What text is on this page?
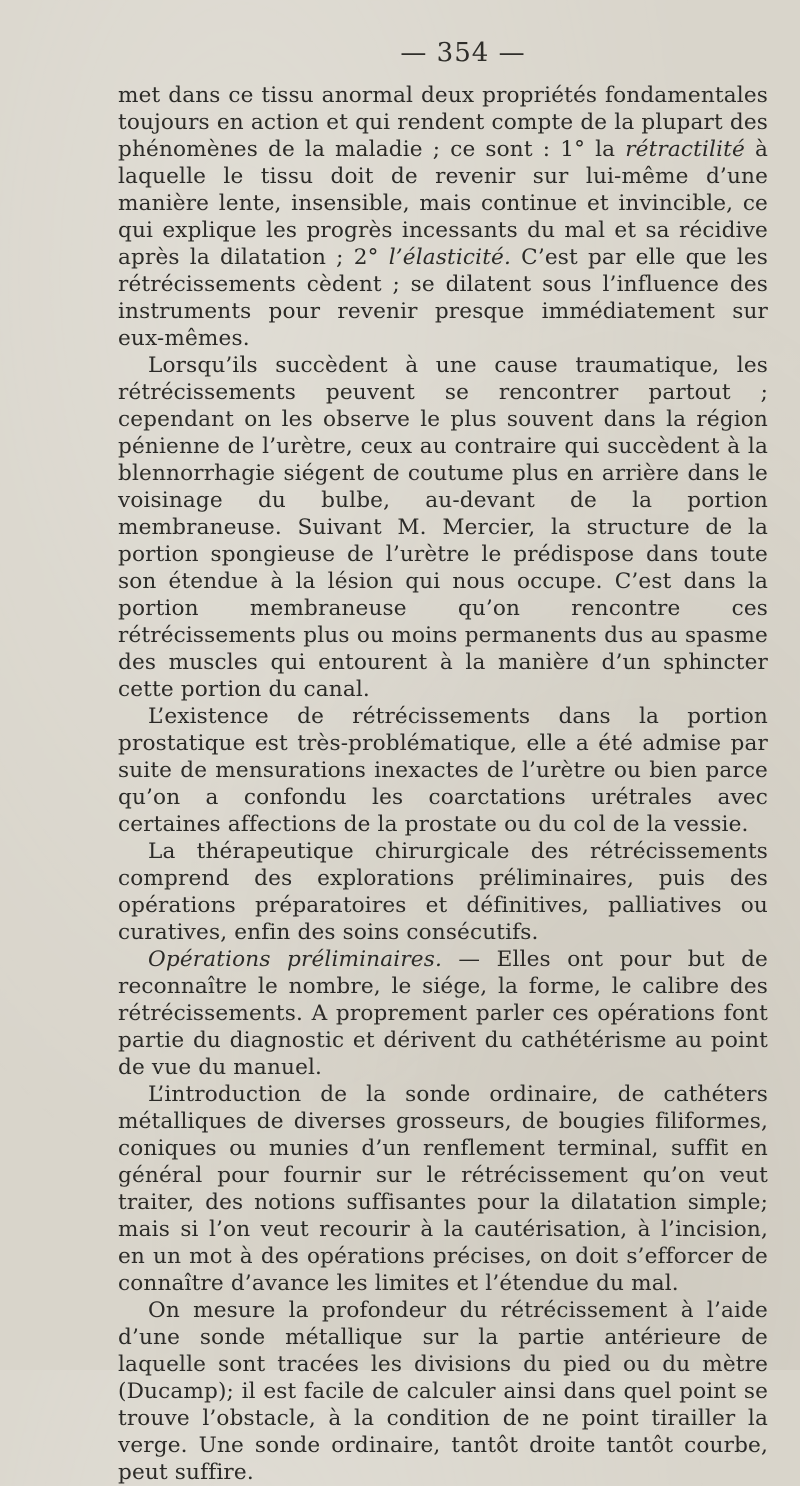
— 354 —

met dans ce tissu anormal deux propriétés fondamentales toujours en action et qui rendent compte de la plupart des phénomènes de la maladie ; ce sont : 1° la rétractilité à laquelle le tissu doit de revenir sur lui-même d’une manière lente, insensible, mais continue et invincible, ce qui explique les progrès incessants du mal et sa récidive après la dilatation ; 2° l’élasticité. C’est par elle que les rétrécissements cèdent ; se dilatent sous l’influence des instruments pour revenir presque immédiatement sur eux-mêmes.

Lorsqu’ils succèdent à une cause traumatique, les rétrécissements peuvent se rencontrer partout ; cependant on les observe le plus souvent dans la région pénienne de l’urètre, ceux au contraire qui succèdent à la blennorrhagie siégent de coutume plus en arrière dans le voisinage du bulbe, au-devant de la portion membraneuse. Suivant M. Mercier, la structure de la portion spongieuse de l’urètre le prédispose dans toute son étendue à la lésion qui nous occupe. C’est dans la portion membraneuse qu’on rencontre ces rétrécissements plus ou moins permanents dus au spasme des muscles qui entourent à la manière d’un sphincter cette portion du canal.

L’existence de rétrécissements dans la portion prostatique est très-problématique, elle a été admise par suite de mensurations inexactes de l’urètre ou bien parce qu’on a confondu les coarctations urétrales avec certaines affections de la prostate ou du col de la vessie.

La thérapeutique chirurgicale des rétrécissements comprend des explorations préliminaires, puis des opérations préparatoires et définitives, palliatives ou curatives, enfin des soins consécutifs.

Opérations préliminaires. — Elles ont pour but de reconnaître le nombre, le siége, la forme, le calibre des rétrécissements. A proprement parler ces opérations font partie du diagnostic et dérivent du cathétérisme au point de vue du manuel.

L’introduction de la sonde ordinaire, de cathéters métalliques de diverses grosseurs, de bougies filiformes, coniques ou munies d’un renflement terminal, suffit en général pour fournir sur le rétrécissement qu’on veut traiter, des notions suffisantes pour la dilatation simple; mais si l’on veut recourir à la cautérisation, à l’incision, en un mot à des opérations précises, on doit s’efforcer de connaître d’avance les limites et l’étendue du mal.

On mesure la profondeur du rétrécissement à l’aide d’une sonde métallique sur la partie antérieure de laquelle sont tracées les divisions du pied ou du mètre (Ducamp); il est facile de calculer ainsi dans quel point se trouve l’obstacle, à la condition de ne point tirailler la verge. Une sonde ordinaire, tantôt droite tantôt courbe, peut suffire.
